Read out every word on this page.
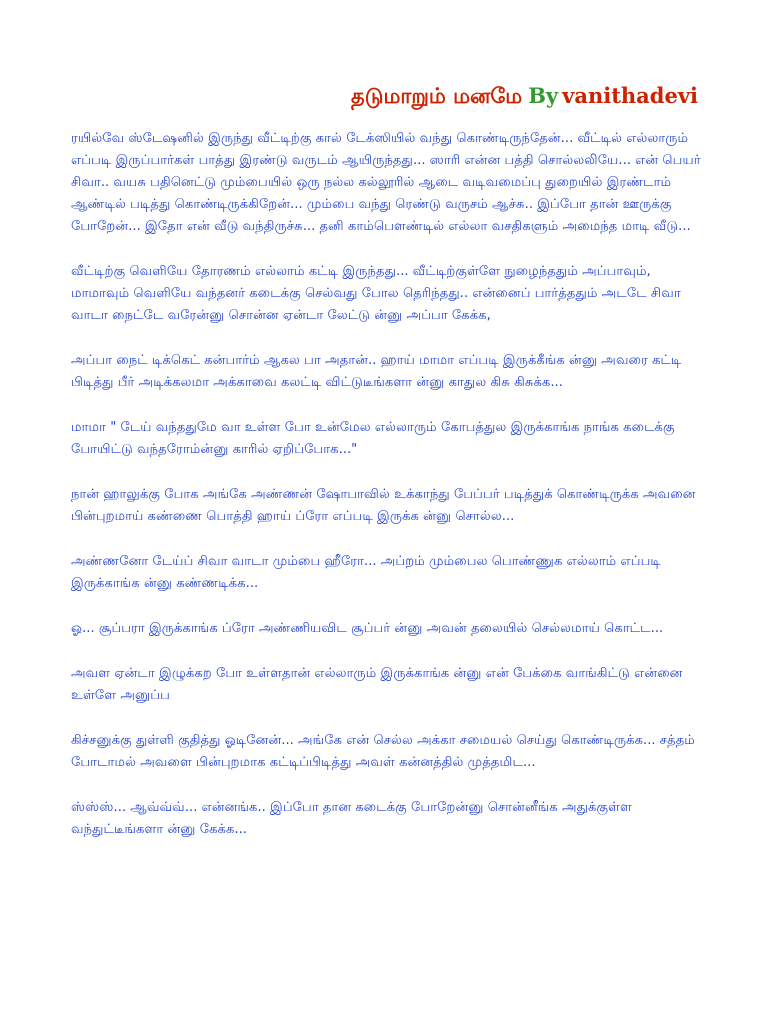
தடுமாறும் மனமே By vanithadevi

ரயில்வே ஸ்டேஷனில் இருந்து வீட்டிற்கு கால் டேக்ஸியில் வந்து கொண்டிருந்தேன்... வீட்டில் எல்லாரும் எப்படி இருப்பார்கள் பாத்து இரண்டு வருடம் ஆயிருந்தது... ஸாரி என்ன பத்தி சொல்லலியே... என் பெயர் சிவா.. வயசு பதினெட்டு மும்பையில் ஒரு நல்ல கல்லூரில் ஆடை வடிவமைப்பு துறையில் இரண்டாம் ஆண்டில் படித்து கொண்டிருக்கிறேன்... மும்பை வந்து ரெண்டு வருசம் ஆச்சு.. இப்போ தான் ஊருக்கு போறேன்... இதோ என் வீடு வந்திருச்சு... தனி காம்பௌண்டில் எல்லா வசதிகளும் அமைந்த மாடி வீடு...

வீட்டிற்கு வெளியே தோரணம் எல்லாம் கட்டி இருந்தது... வீட்டிற்குள்ளே நுழைந்ததும் அப்பாவும், மாமாவும் வெளியே வந்தனர் கடைக்கு செல்வது போல தெரிந்தது.. என்னைப் பார்த்ததும் அடடே சிவா வாடா நைட்டே வரேன்னு சொன்ன ஏன்டா லேட்டு ன்னு அப்பா கேக்க,

அப்பா நைட் டிக்கெட் கன்பார்ம் ஆகல பா அதான்.. ஹாய் மாமா எப்படி இருக்கீங்க ன்னு அவரை கட்டி பிடித்து பீர் அடிக்கலமா அக்காவை கலட்டி விட்டுடீங்களா ன்னு காதுல கிசு கிசுக்க...

மாமா " டேய் வந்ததுமே வா உள்ள போ உன்மேல எல்லாரும் கோபத்துல இருக்காங்க நாங்க கடைக்கு போயிட்டு வந்தரோம்ன்னு காரில் ஏறிப்போக..."

நான் ஹாலுக்கு போக அங்கே அண்ணன் ஷோபாவில் உக்காந்து பேப்பர் படித்துக் கொண்டிருக்க அவனை பின்புறமாய் கண்ணை பொத்தி ஹாய் ப்ரோ எப்படி இருக்க ன்னு சொல்ல...

அண்ணனோ டேய்ப் சிவா வாடா மும்பை ஹீரோ... அப்றம் மும்பைல பொண்ணுக எல்லாம் எப்படி இருக்காங்க ன்னு கண்ணடிக்க...

ஓ... சூப்பரா இருக்காங்க ப்ரோ அண்ணியவிட சூப்பர் ன்னு அவன் தலையில் செல்லமாய் கொட்ட...

அவள ஏன்டா இழுக்கற போ உள்ளதான் எல்லாரும் இருக்காங்க ன்னு என் பேக்கை வாங்கிட்டு என்னை உள்ளே அனுப்ப

கிச்சனுக்கு துள்ளி குதித்து ஓடினேன்... அங்கே என் செல்ல அக்கா சமையல் செய்து கொண்டிருக்க... சத்தம் போடாமல் அவளை பின்புறமாக கட்டிப்பிடித்து அவள் கன்னத்தில் முத்தமிட...

ஸ்ஸ்ஸ்... ஆவ்வ்வ்... என்னங்க.. இப்போ தான கடைக்கு போறேன்னு சொன்னீங்க அதுக்குள்ள வந்துட்டீங்களா ன்னு கேக்க...
